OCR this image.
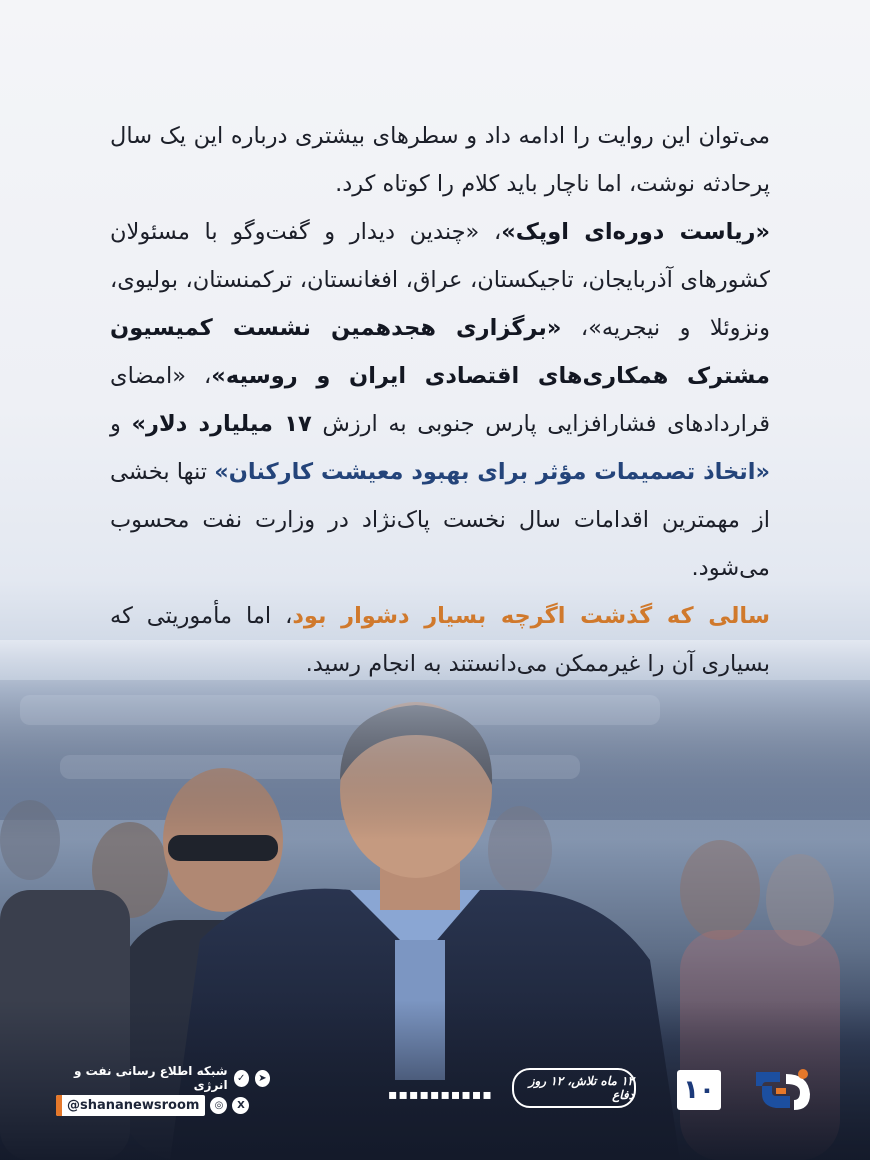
می‌توان این روایت را ادامه داد و سطرهای بیشتری درباره این یک سال پرحادثه نوشت، اما ناچار باید کلام را کوتاه کرد.

«ریاست دوره‌ای اوپک»، «چندین دیدار و گفت‌وگو با مسئولان کشورهای آذربایجان، تاجیکستان، عراق، افغانستان، ترکمنستان، بولیوی، ونزوئلا و نیجریه»، «برگزاری هجدهمین نشست کمیسیون مشترک همکاری‌های اقتصادی ایران و روسیه»، «امضای قراردادهای فشارافزایی پارس جنوبی به ارزش ۱۷ میلیارد دلار» و «اتخاذ تصمیمات مؤثر برای بهبود معیشت کارکنان» تنها بخشی از مهمترین اقدامات سال نخست پاک‌نژاد در وزارت نفت محسوب می‌شود.

سالی که گذشت اگرچه بسیار دشوار بود، اما مأموریتی که بسیاری آن را غیرممکن می‌دانستند به انجام رسید.

شبکه اطلاع رسانی نفت و انرژی ✓	➤
@shananewsroom	◎	X
▪▪▪▪▪▪▪▪▪▪
۱۲ ماه تلاش، ۱۲ روز دفاع ۱۰
